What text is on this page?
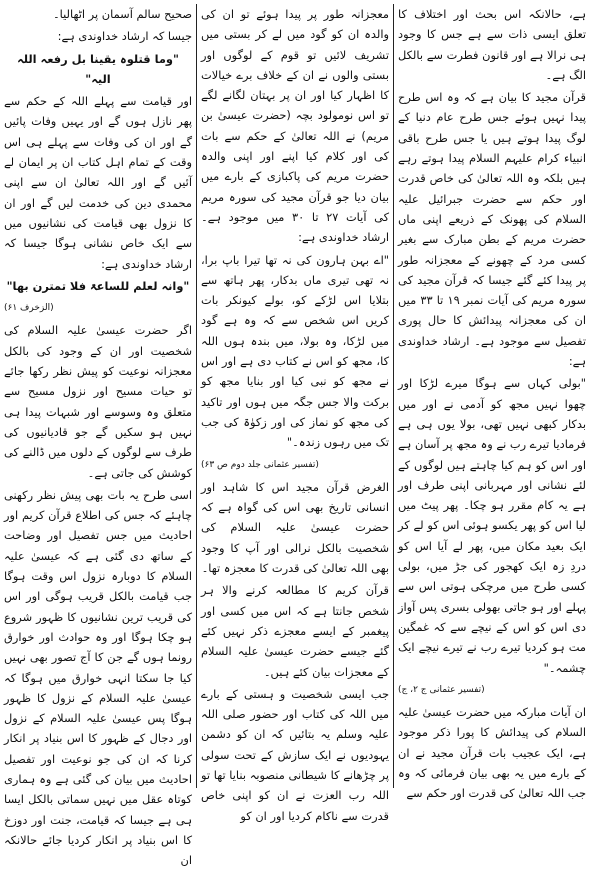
ہے، حالانکہ اس بحث اور اختلاف کا تعلق ایسی ذات سے ہے جس کا وجود ہی نرالا ہے اور قانون فطرت سے بالکل الگ ہے۔

قرآن مجید کا بیان ہے کہ وہ اس طرح پیدا نہیں ہوئے جس طرح عام دنیا کے لوگ پیدا ہوتے ہیں یا جس طرح باقی انبیاء کرام علیہم السلام پیدا ہوتے رہے ہیں بلکہ وہ اللہ تعالیٰ کی خاص قدرت اور حکم سے حضرت جبرائیل علیہ السلام کی پھونک کے ذریعے اپنی ماں حضرت مریم کے بطن مبارک سے بغیر کسی مرد کے چھونے کے معجزانہ طور پر پیدا کئے گئے جیسا کہ قرآن مجید کی سورہ مریم کی آیات نمبر ۱۹ تا ۳۳ میں ان کی معجزانہ پیدائش کا حال پوری تفصیل سے موجود ہے۔ ارشاد خداوندی ہے:

"بولی کہاں سے ہوگا میرے لڑکا اور چھوا نہیں مجھ کو آدمی نے اور میں بدکار کبھی نہیں تھی، بولا یوں ہی ہے فرمادیا تیرے رب نے وہ مجھ پر آسان ہے اور اس کو ہم کیا چاہتے ہیں لوگوں کے لئے نشانی اور مہربانی اپنی طرف اور ہے یہ کام مقرر ہو چکا۔ پھر پیٹ میں لیا اس کو پھر یکسو ہوئی اس کو لے کر ایک بعید مکان میں، پھر لے آیا اس کو دردِ زہ ایک کھجور کی جڑ میں، بولی کسی طرح میں مرچکی ہوتی اس سے پہلے اور ہو جاتی بھولی بسری پس آواز دی اس کو اس کے نیچے سے کہ غمگین مت ہو کردیا تیرے رب نے تیرے نیچے ایک چشمہ۔"

(تفسیر عثمانی ج ۲، ج)

ان آیات مبارکہ میں حضرت عیسیٰ علیہ السلام کی پیدائش کا پورا ذکر موجود ہے، ایک عجیب بات قرآن مجید نے ان کے بارے میں یہ بھی بیان فرمائی کہ وہ جب اللہ تعالیٰ کی قدرت اور حکم سے

معجزانہ طور پر پیدا ہوئے تو ان کی والدہ ان کو گود میں لے کر بستی میں تشریف لائیں تو قوم کے لوگوں اور بستی والوں نے ان کے خلاف برے خیالات کا اظہار کیا اور ان پر بہتان لگانے لگے تو اس نومولود بچہ (حضرت عیسیٰ بن مریم) نے اللہ تعالیٰ کے حکم سے بات کی اور کلام کیا اپنے اور اپنی والدہ حضرت مریم کی پاکبازی کے بارے میں بیان دیا جو قرآن مجید کی سورہ مریم کی آیات ۲۷ تا ۳۰ میں موجود ہے۔ ارشاد خداوندی ہے:

"اے بہن ہارون کی نہ تھا تیرا باپ برا، نہ تھی تیری ماں بدکار، پھر ہاتھ سے بتلایا اس لڑکے کو، بولے کیونکر بات کریں اس شخص سے کہ وہ ہے گود میں لڑکا، وہ بولا، میں بندہ ہوں اللہ کا، مجھ کو اس نے کتاب دی ہے اور اس نے مجھ کو نبی کیا اور بنایا مجھ کو برکت والا جس جگہ میں ہوں اور تاکید کی مجھ کو نماز کی اور زکوٰۃ کی جب تک میں رہوں زندہ۔"

(تفسیر عثمانی جلد دوم ص ۶۳)

الغرض قرآن مجید اس کا شاہد اور انسانی تاریخ بھی اس کی گواہ ہے کہ حضرت عیسیٰ علیہ السلام کی شخصیت بالکل نرالی اور آپ کا وجود بھی اللہ تعالیٰ کی قدرت کا معجزہ تھا۔

قرآن کریم کا مطالعہ کرنے والا ہر شخص جانتا ہے کہ اس میں کسی اور پیغمبر کے ایسے معجزے ذکر نہیں کئے گئے جیسے حضرت عیسیٰ علیہ السلام کے معجزات بیان کئے ہیں۔

جب ایسی شخصیت و ہستی کے بارے میں اللہ کی کتاب اور حضور صلی اللہ علیہ وسلم یہ بتائیں کہ ان کو دشمن یہودیوں نے ایک سازش کے تحت سولی پر چڑھانے کا شیطانی منصوبہ بنایا تھا تو اللہ رب العزت نے ان کو اپنی خاص قدرت سے ناکام کردیا اور ان کو

صحیح سالم آسمان پر اٹھالیا۔

جیسا کہ ارشاد خداوندی ہے:

"وما قتلوہ یقینا بل رفعہ اللہ الیہ"

اور قیامت سے پہلے اللہ کے حکم سے پھر نازل ہوں گے اور یہیں وفات پائیں گے اور ان کی وفات سے پہلے ہی اس وقت کے تمام اہل کتاب ان پر ایمان لے آئیں گے اور اللہ تعالیٰ ان سے اپنی محمدی دین کی خدمت لیں گے اور ان کا نزول بھی قیامت کی نشانیوں میں سے ایک خاص نشانی ہوگا جیسا کہ ارشاد خداوندی ہے:

"وانہ لعلم للساعۃ فلا تمترن بھا"

(الزخرف ۶۱)

اگر حضرت عیسیٰ علیہ السلام کی شخصیت اور ان کے وجود کی بالکل معجزانہ نوعیت کو پیش نظر رکھا جائے تو حیات مسیح اور نزول مسیح سے متعلق وہ وسوسے اور شبہات پیدا ہی نہیں ہو سکیں گے جو قادیانیوں کی طرف سے لوگوں کے دلوں میں ڈالنے کی کوشش کی جاتی ہے۔

اسی طرح یہ بات بھی پیش نظر رکھنی چاہئے کہ جس کی اطلاع قرآن کریم اور احادیث میں جس تفصیل اور وضاحت کے ساتھ دی گئی ہے کہ عیسیٰ علیہ السلام کا دوبارہ نزول اس وقت ہوگا جب قیامت بالکل قریب ہوگی اور اس کی قریب ترین نشانیوں کا ظہور شروع ہو چکا ہوگا اور وہ حوادث اور خوارق رونما ہوں گے جن کا آج تصور بھی نہیں کیا جا سکتا انہی خوارق میں ہوگا کہ عیسیٰ علیہ السلام کے نزول کا ظہور ہوگا پس عیسیٰ علیہ السلام کے نزول اور دجال کے ظہور کا اس بنیاد پر انکار کرنا کہ ان کی جو نوعیت اور تفصیل احادیث میں بیان کی گئی ہے وہ ہماری کوتاہ عقل میں نہیں سماتی بالکل ایسا ہی ہے جیسا کہ قیامت، جنت اور دوزخ کا اس بنیاد پر انکار کردیا جائے حالانکہ ان
